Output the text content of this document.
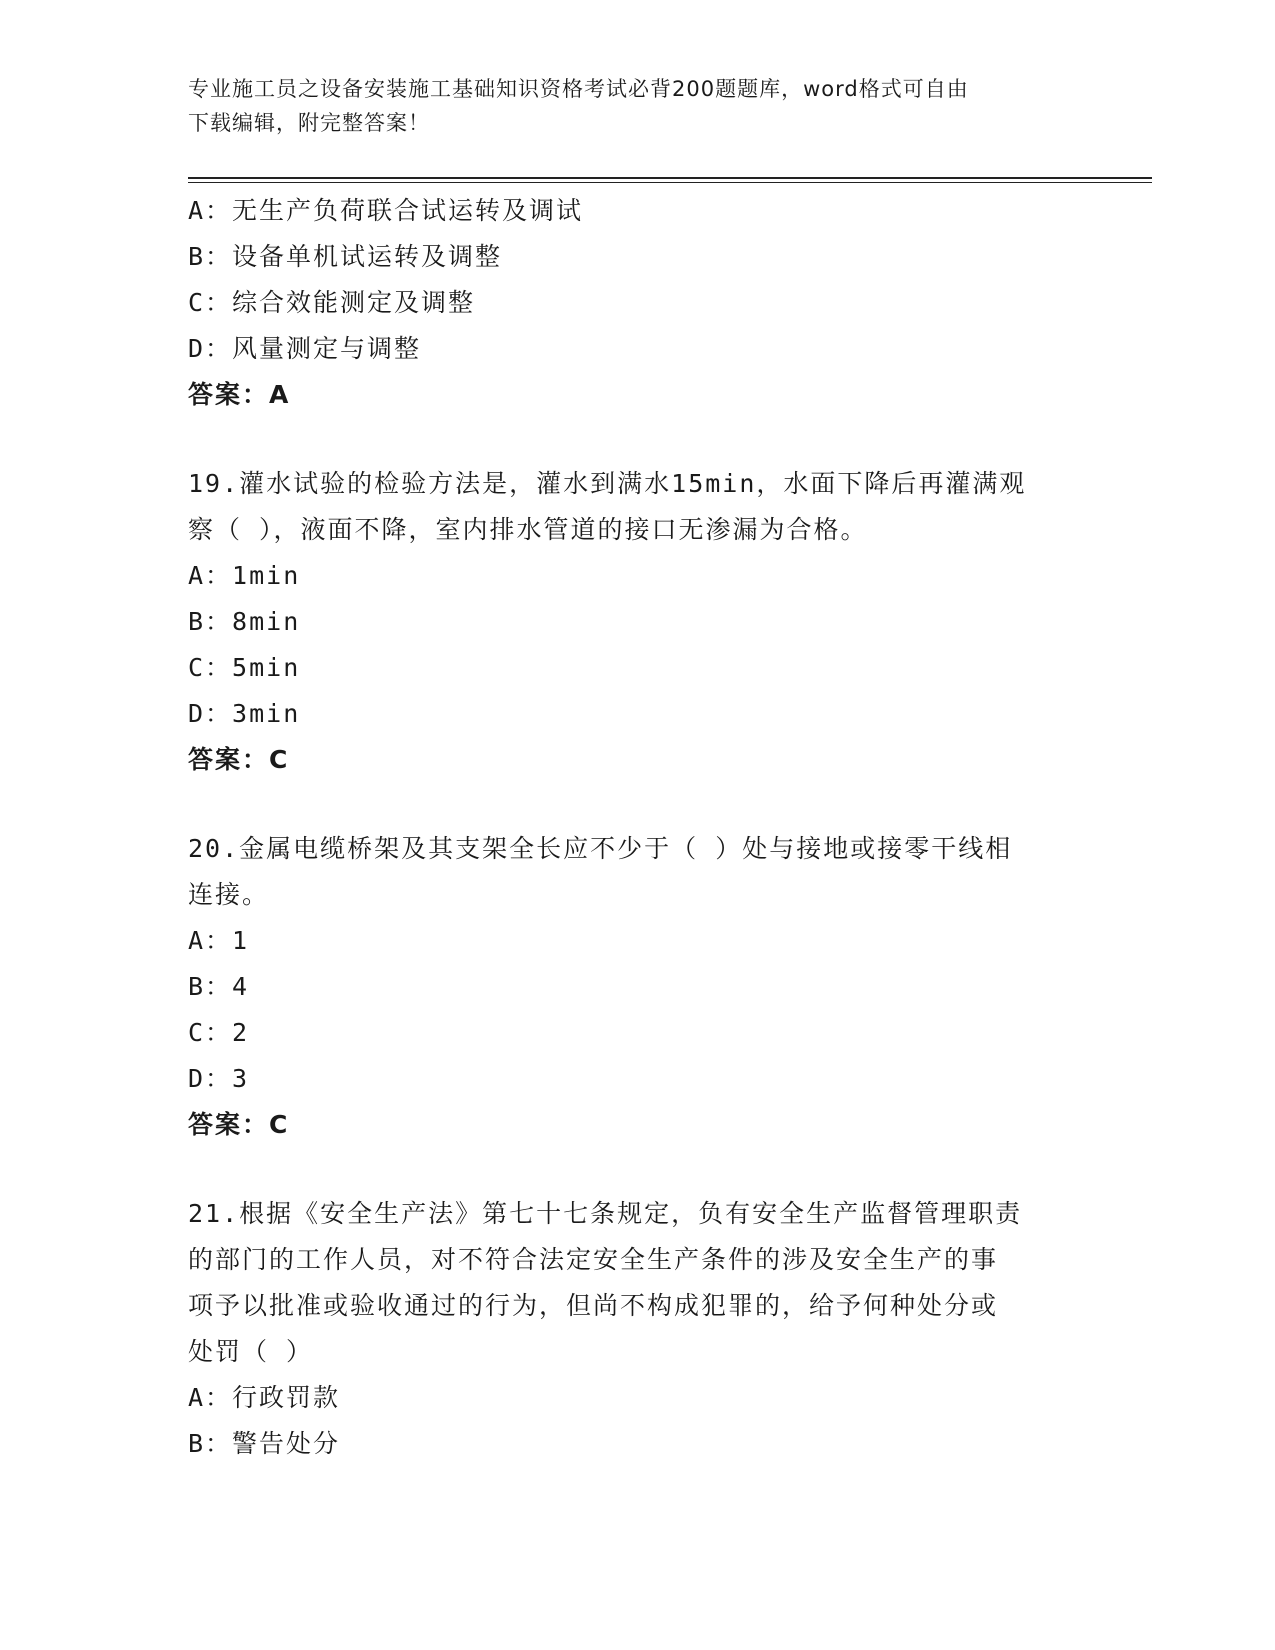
专业施工员之设备安装施工基础知识资格考试必背200题题库，word格式可自由
下载编辑，附完整答案！
A：无生产负荷联合试运转及调试
B：设备单机试运转及调整
C：综合效能测定及调整
D：风量测定与调整
答案：A
19.灌水试验的检验方法是，灌水到满水15min，水面下降后再灌满观
察（ ），液面不降，室内排水管道的接口无渗漏为合格。
A：1min
B：8min
C：5min
D：3min
答案：C
20.金属电缆桥架及其支架全长应不少于（ ）处与接地或接零干线相
连接。
A：1
B：4
C：2
D：3
答案：C
21.根据《安全生产法》第七十七条规定，负有安全生产监督管理职责
的部门的工作人员，对不符合法定安全生产条件的涉及安全生产的事
项予以批准或验收通过的行为，但尚不构成犯罪的，给予何种处分或
处罚（ ）
A：行政罚款
B：警告处分
